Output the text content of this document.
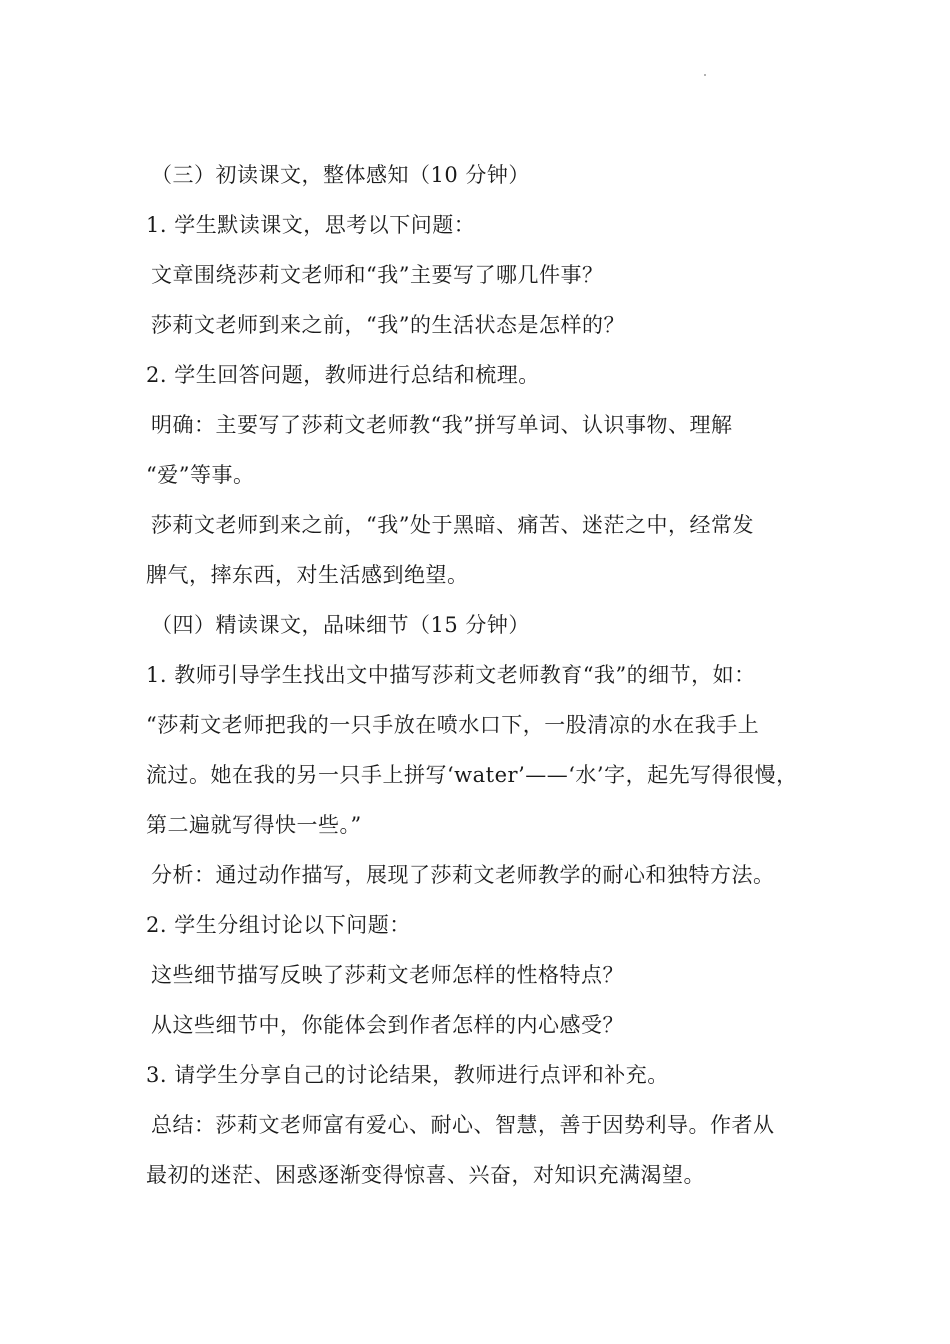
（三）初读课文，整体感知（10 分钟）
1. 学生默读课文，思考以下问题：
文章围绕莎莉文老师和“我”主要写了哪几件事？
莎莉文老师到来之前，“我”的生活状态是怎样的？
2. 学生回答问题，教师进行总结和梳理。
明确：主要写了莎莉文老师教“我”拼写单词、认识事物、理解
“爱”等事。
莎莉文老师到来之前，“我”处于黑暗、痛苦、迷茫之中，经常发
脾气，摔东西，对生活感到绝望。
（四）精读课文，品味细节（15 分钟）
1. 教师引导学生找出文中描写莎莉文老师教育“我”的细节，如：
“莎莉文老师把我的一只手放在喷水口下，一股清凉的水在我手上
流过。她在我的另一只手上拼写‘water’——‘水’字，起先写得很慢，
第二遍就写得快一些。”
分析：通过动作描写，展现了莎莉文老师教学的耐心和独特方法。
2. 学生分组讨论以下问题：
这些细节描写反映了莎莉文老师怎样的性格特点？
从这些细节中，你能体会到作者怎样的内心感受？
3. 请学生分享自己的讨论结果，教师进行点评和补充。
总结：莎莉文老师富有爱心、耐心、智慧，善于因势利导。作者从
最初的迷茫、困惑逐渐变得惊喜、兴奋，对知识充满渴望。
